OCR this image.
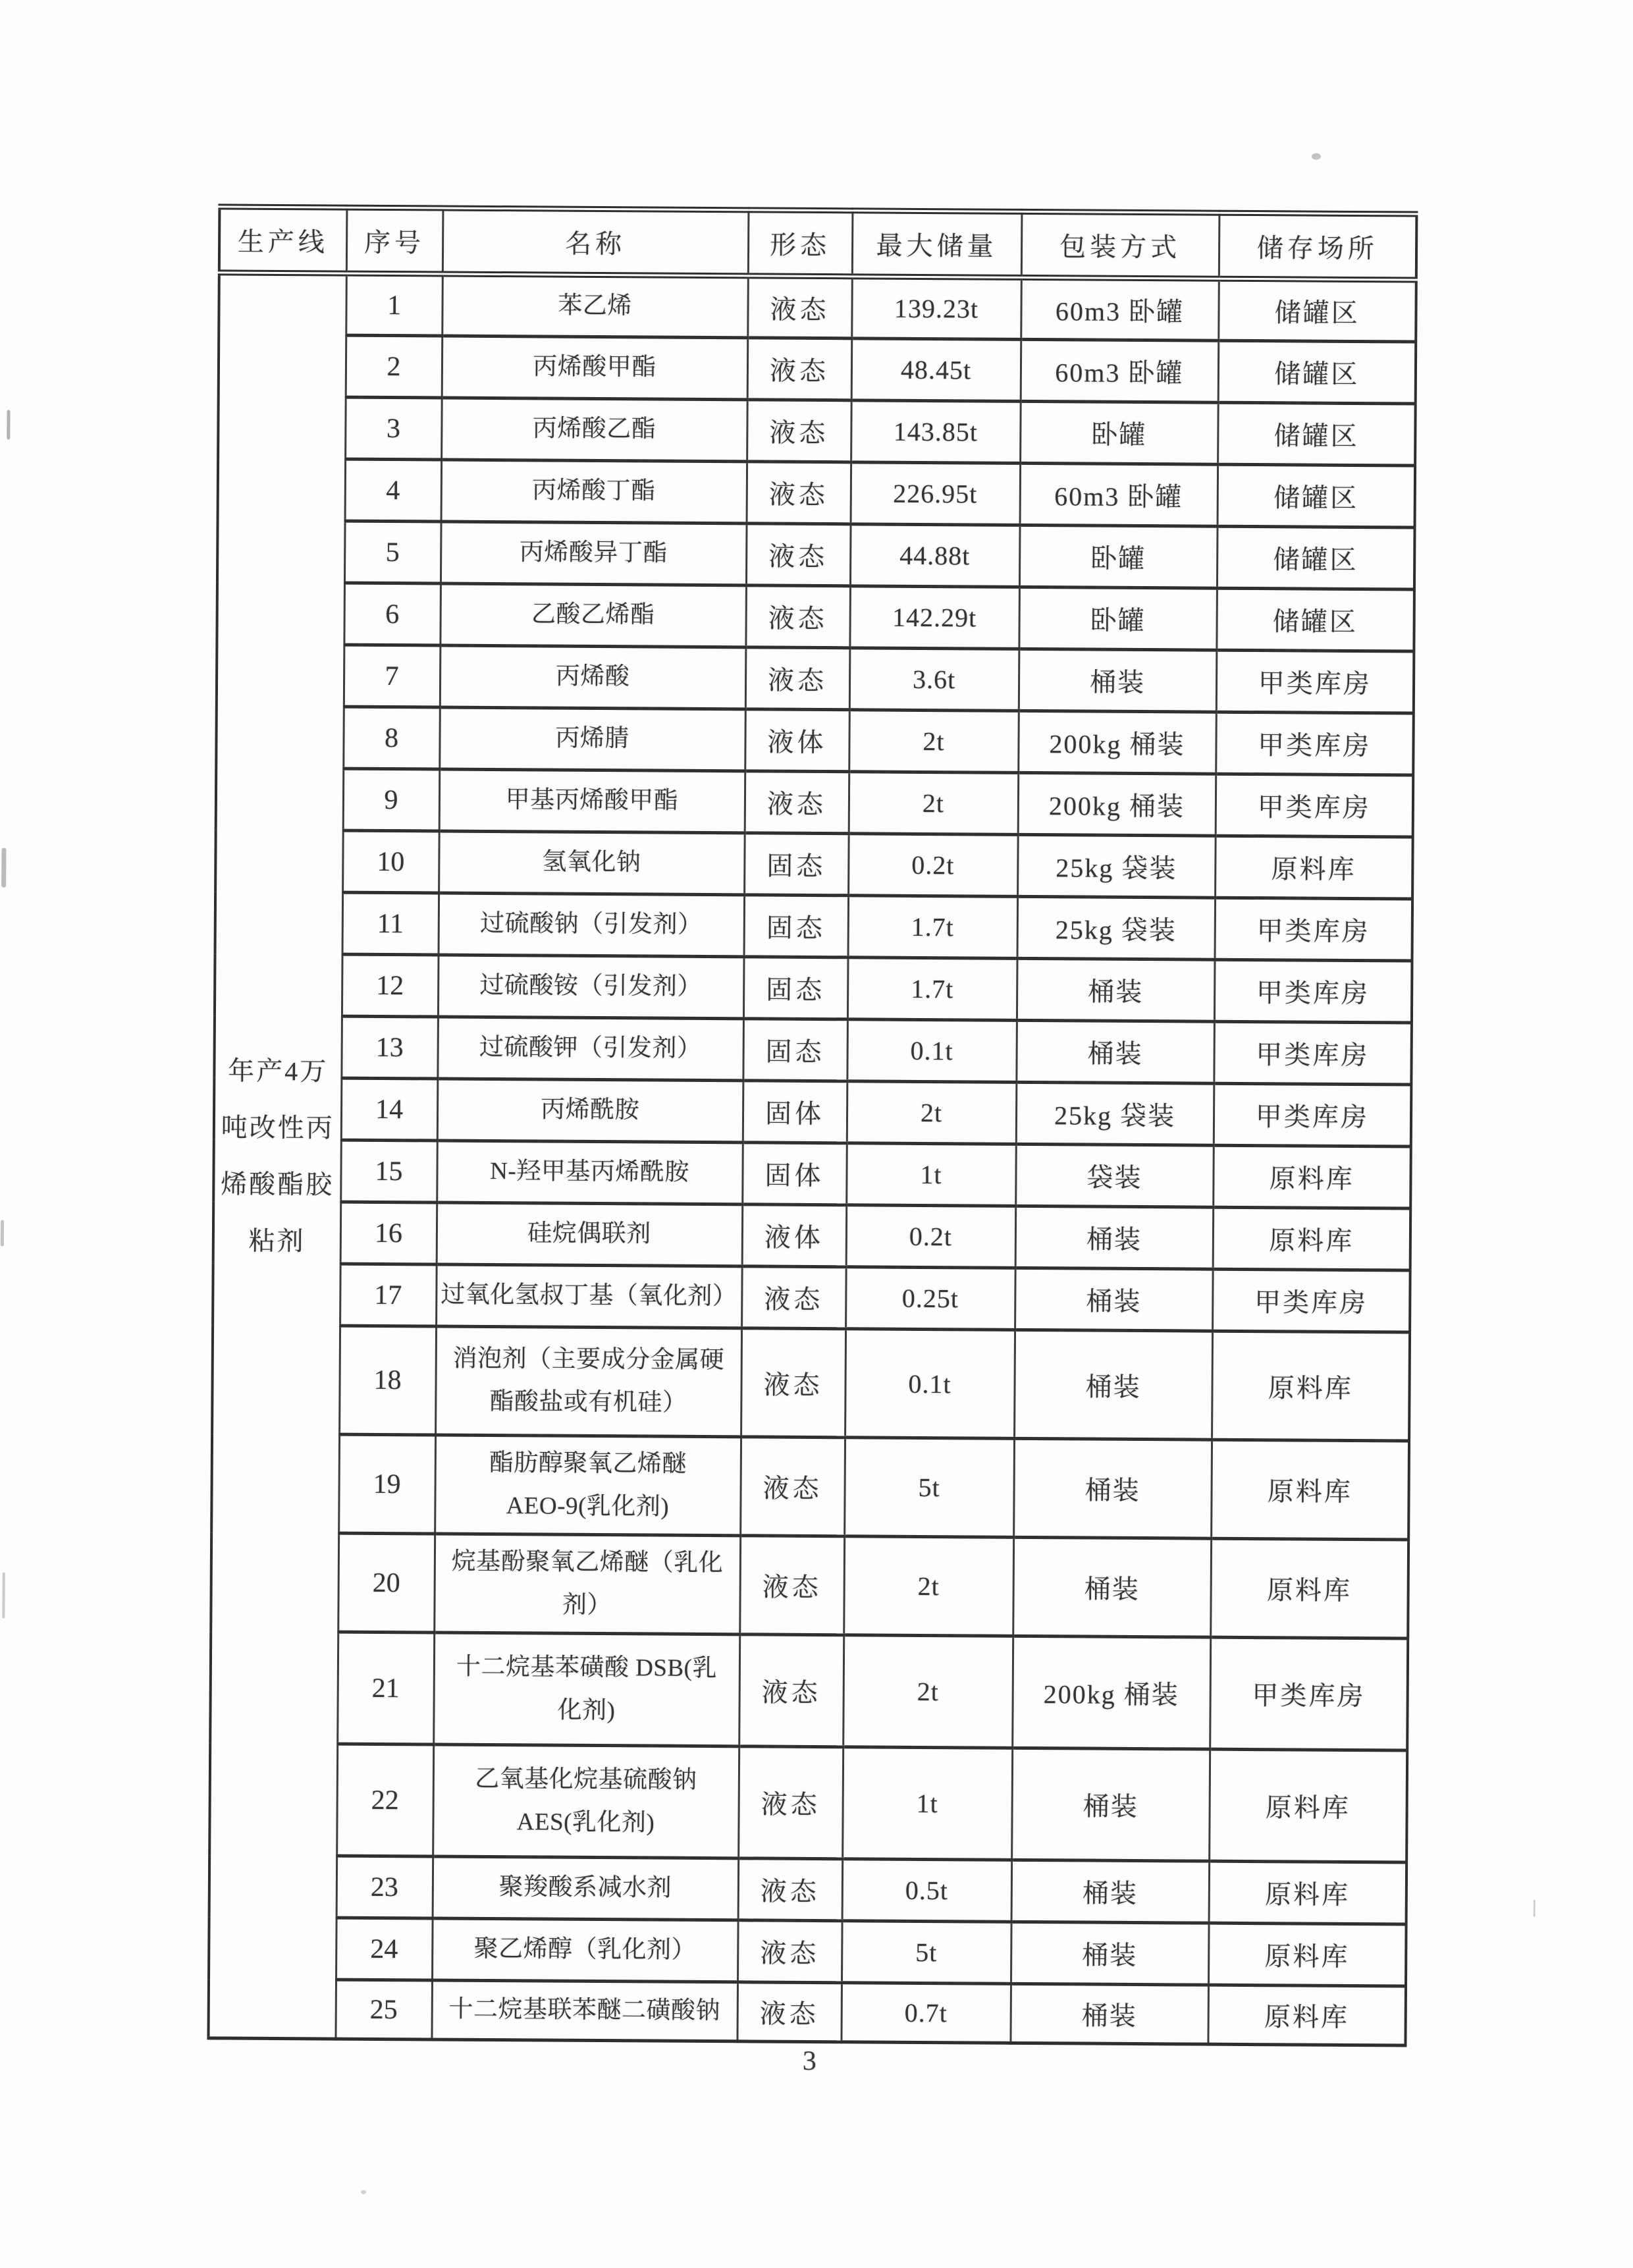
生产线	序号	名称	形态	最大储量	包装方式	储存场所
年产4万
吨改性丙
烯酸酯胶
粘剂	1	苯乙烯	液态	139.23t	60m3 卧罐	储罐区
	2	丙烯酸甲酯	液态	48.45t	60m3 卧罐	储罐区
	3	丙烯酸乙酯	液态	143.85t	卧罐	储罐区
	4	丙烯酸丁酯	液态	226.95t	60m3 卧罐	储罐区
	5	丙烯酸异丁酯	液态	44.88t	卧罐	储罐区
	6	乙酸乙烯酯	液态	142.29t	卧罐	储罐区
	7	丙烯酸	液态	3.6t	桶装	甲类库房
	8	丙烯腈	液体	2t	200kg 桶装	甲类库房
	9	甲基丙烯酸甲酯	液态	2t	200kg 桶装	甲类库房
	10	氢氧化钠	固态	0.2t	25kg 袋装	原料库
	11	过硫酸钠（引发剂）	固态	1.7t	25kg 袋装	甲类库房
	12	过硫酸铵（引发剂）	固态	1.7t	桶装	甲类库房
	13	过硫酸钾（引发剂）	固态	0.1t	桶装	甲类库房
	14	丙烯酰胺	固体	2t	25kg 袋装	甲类库房
	15	N-羟甲基丙烯酰胺	固体	1t	袋装	原料库
	16	硅烷偶联剂	液体	0.2t	桶装	原料库
	17	过氧化氢叔丁基（氧化剂）	液态	0.25t	桶装	甲类库房
	18	消泡剂（主要成分金属硬
酯酸盐或有机硅）	液态	0.1t	桶装	原料库
	19	酯肪醇聚氧乙烯醚
AEO-9(乳化剂)	液态	5t	桶装	原料库
	20	烷基酚聚氧乙烯醚（乳化
剂）	液态	2t	桶装	原料库
	21	十二烷基苯磺酸 DSB(乳
化剂)	液态	2t	200kg 桶装	甲类库房
	22	乙氧基化烷基硫酸钠
AES(乳化剂)	液态	1t	桶装	原料库
	23	聚羧酸系减水剂	液态	0.5t	桶装	原料库
	24	聚乙烯醇（乳化剂）	液态	5t	桶装	原料库
	25	十二烷基联苯醚二磺酸钠	液态	0.7t	桶装	原料库
3
